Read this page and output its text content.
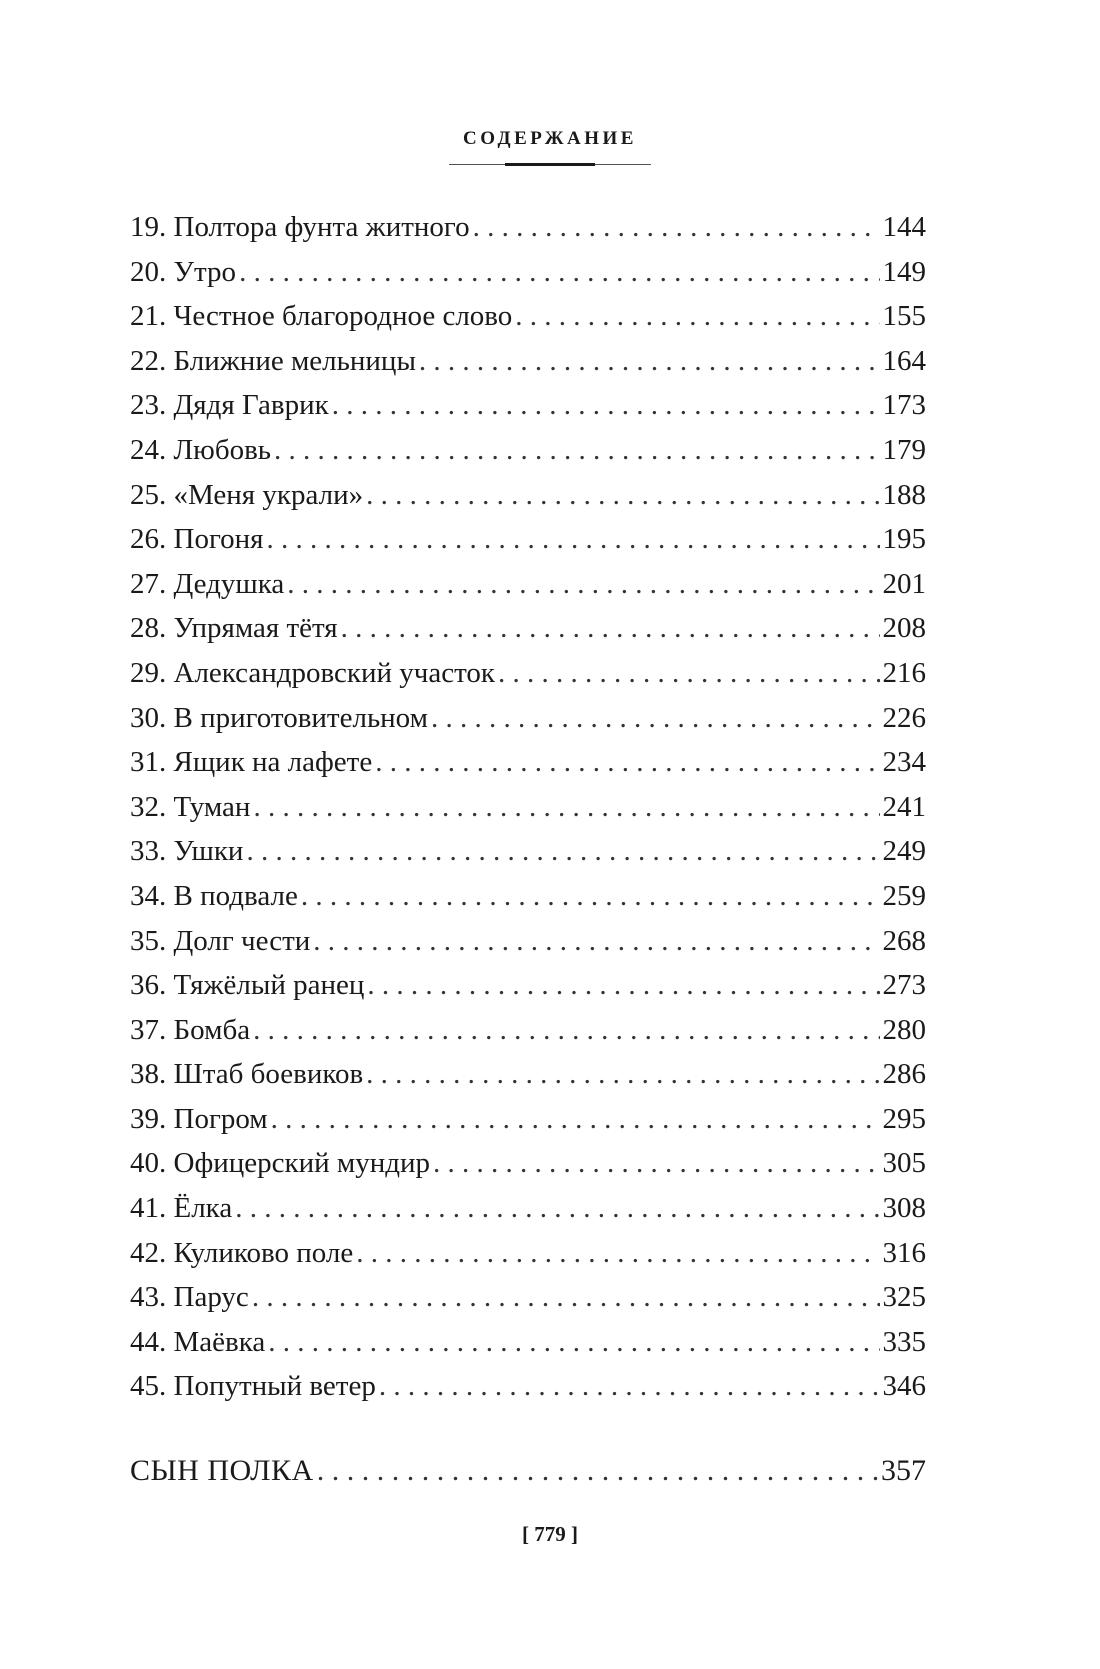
СОДЕРЖАНИЕ
19. Полтора фунта житного . . .	144
20. Утро . . .	149
21. Честное благородное слово . . .	155
22. Ближние мельницы . . .	164
23. Дядя Гаврик . . .	173
24. Любовь . . .	179
25. «Меня украли» . . .	188
26. Погоня . . .	195
27. Дедушка . . .	201
28. Упрямая тётя . . .	208
29. Александровский участок . . .	216
30. В приготовительном . . .	226
31. Ящик на лафете . . .	234
32. Туман . . .	241
33. Ушки . . .	249
34. В подвале . . .	259
35. Долг чести . . .	268
36. Тяжёлый ранец . . .	273
37. Бомба . . .	280
38. Штаб боевиков . . .	286
39. Погром . . .	295
40. Офицерский мундир . . .	305
41. Ёлка . . .	308
42. Куликово поле . . .	316
43. Парус . . .	325
44. Маёвка . . .	335
45. Попутный ветер . . .	346
СЫН ПОЛКА . . .	357
[ 779 ]
